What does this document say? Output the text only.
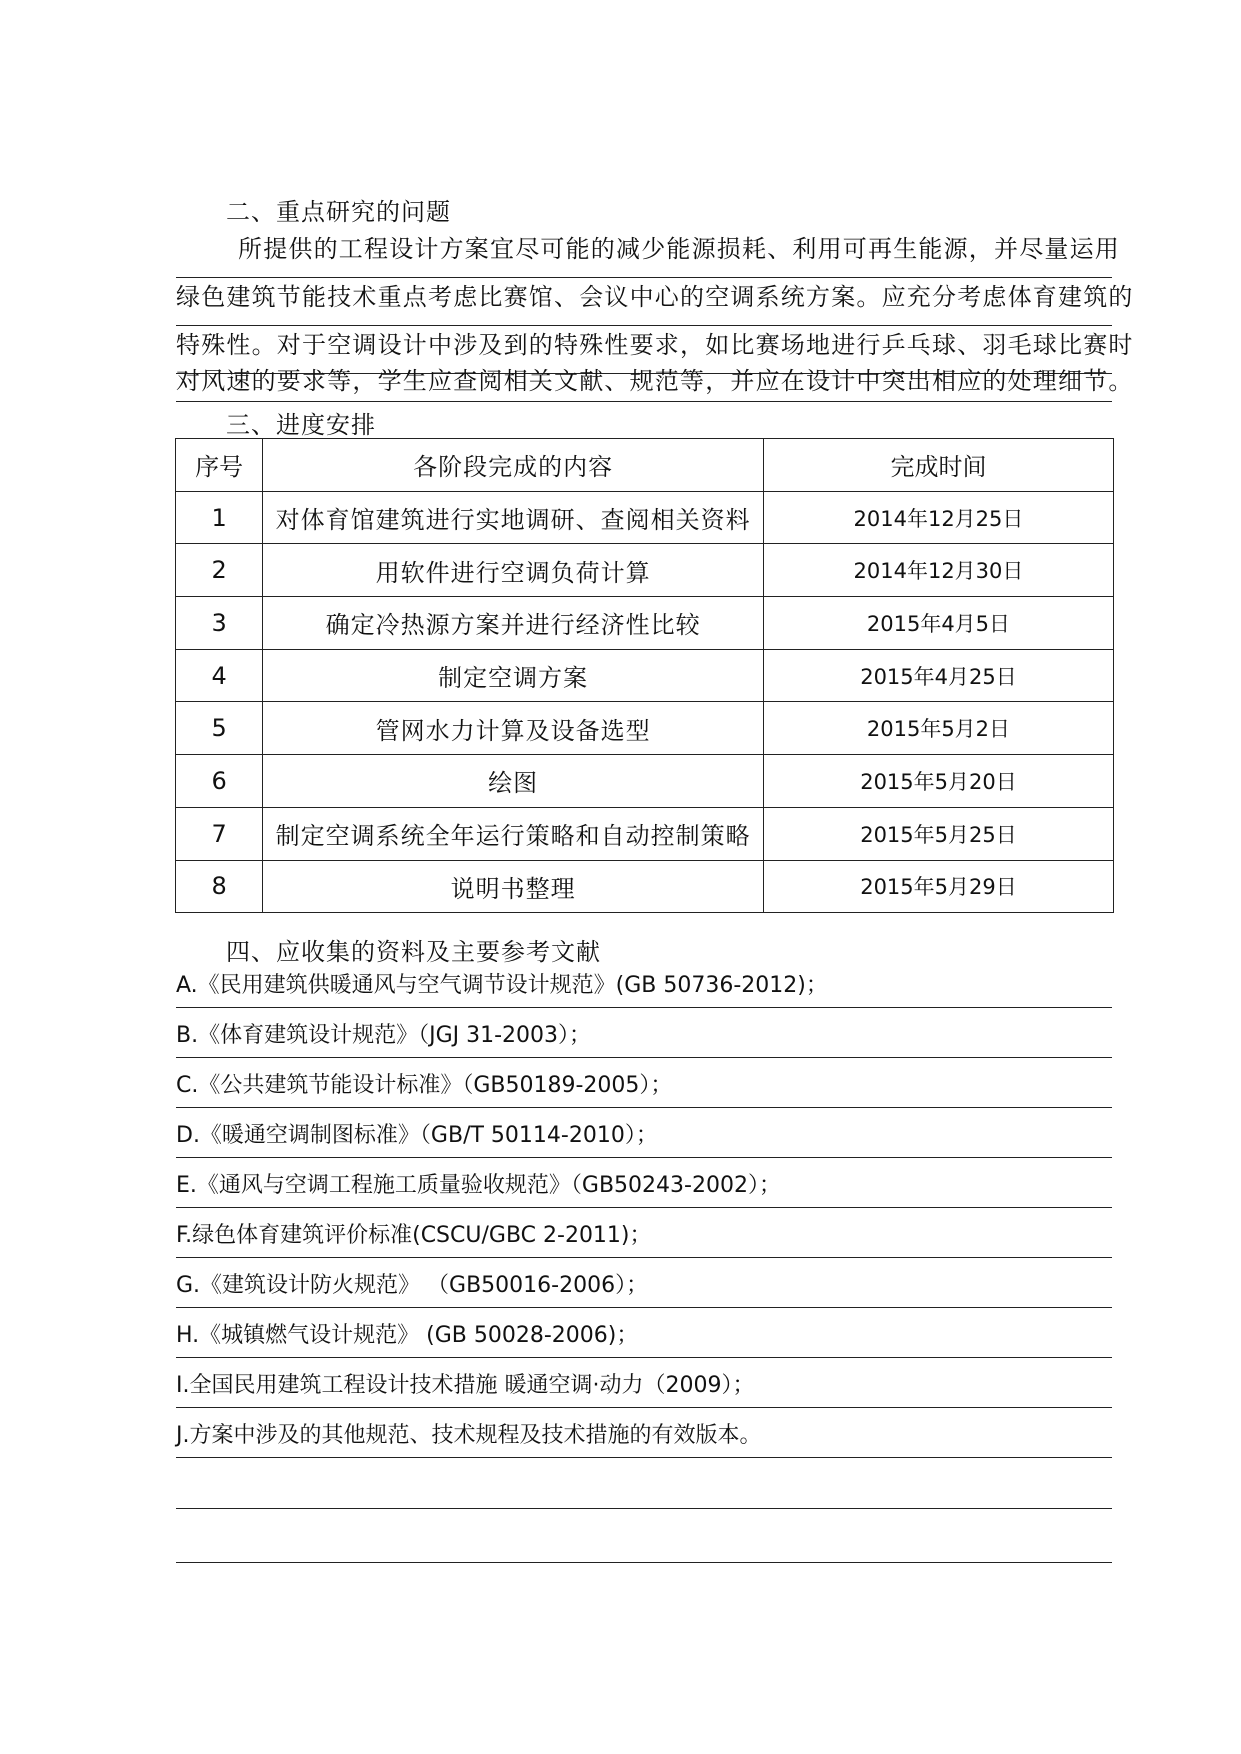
二、重点研究的问题
所提供的工程设计方案宜尽可能的减少能源损耗、利用可再生能源，并尽量运用
绿色建筑节能技术重点考虑比赛馆、会议中心的空调系统方案。应充分考虑体育建筑的
特殊性。对于空调设计中涉及到的特殊性要求，如比赛场地进行乒乓球、羽毛球比赛时
对风速的要求等，学生应查阅相关文献、规范等，并应在设计中突出相应的处理细节。
三、进度安排
序号	各阶段完成的内容	完成时间
1	对体育馆建筑进行实地调研、查阅相关资料	2014年12月25日
2	用软件进行空调负荷计算	2014年12月30日
3	确定冷热源方案并进行经济性比较	2015年4月5日
4	制定空调方案	2015年4月25日
5	管网水力计算及设备选型	2015年5月2日
6	绘图	2015年5月20日
7	制定空调系统全年运行策略和自动控制策略	2015年5月25日
8	说明书整理	2015年5月29日
四、应收集的资料及主要参考文献
A.《民用建筑供暖通风与空气调节设计规范》(GB 50736-2012)；
B.《体育建筑设计规范》（JGJ 31-2003）；
C.《公共建筑节能设计标准》（GB50189-2005）；
D.《暖通空调制图标准》（GB/T 50114-2010）；
E.《通风与空调工程施工质量验收规范》（GB50243-2002）；
F.绿色体育建筑评价标准(CSCU/GBC 2-2011)；
G.《建筑设计防火规范》 （GB50016-2006）；
H.《城镇燃气设计规范》 (GB 50028-2006)；
I.全国民用建筑工程设计技术措施 暖通空调·动力（2009）；
J.方案中涉及的其他规范、技术规程及技术措施的有效版本。
